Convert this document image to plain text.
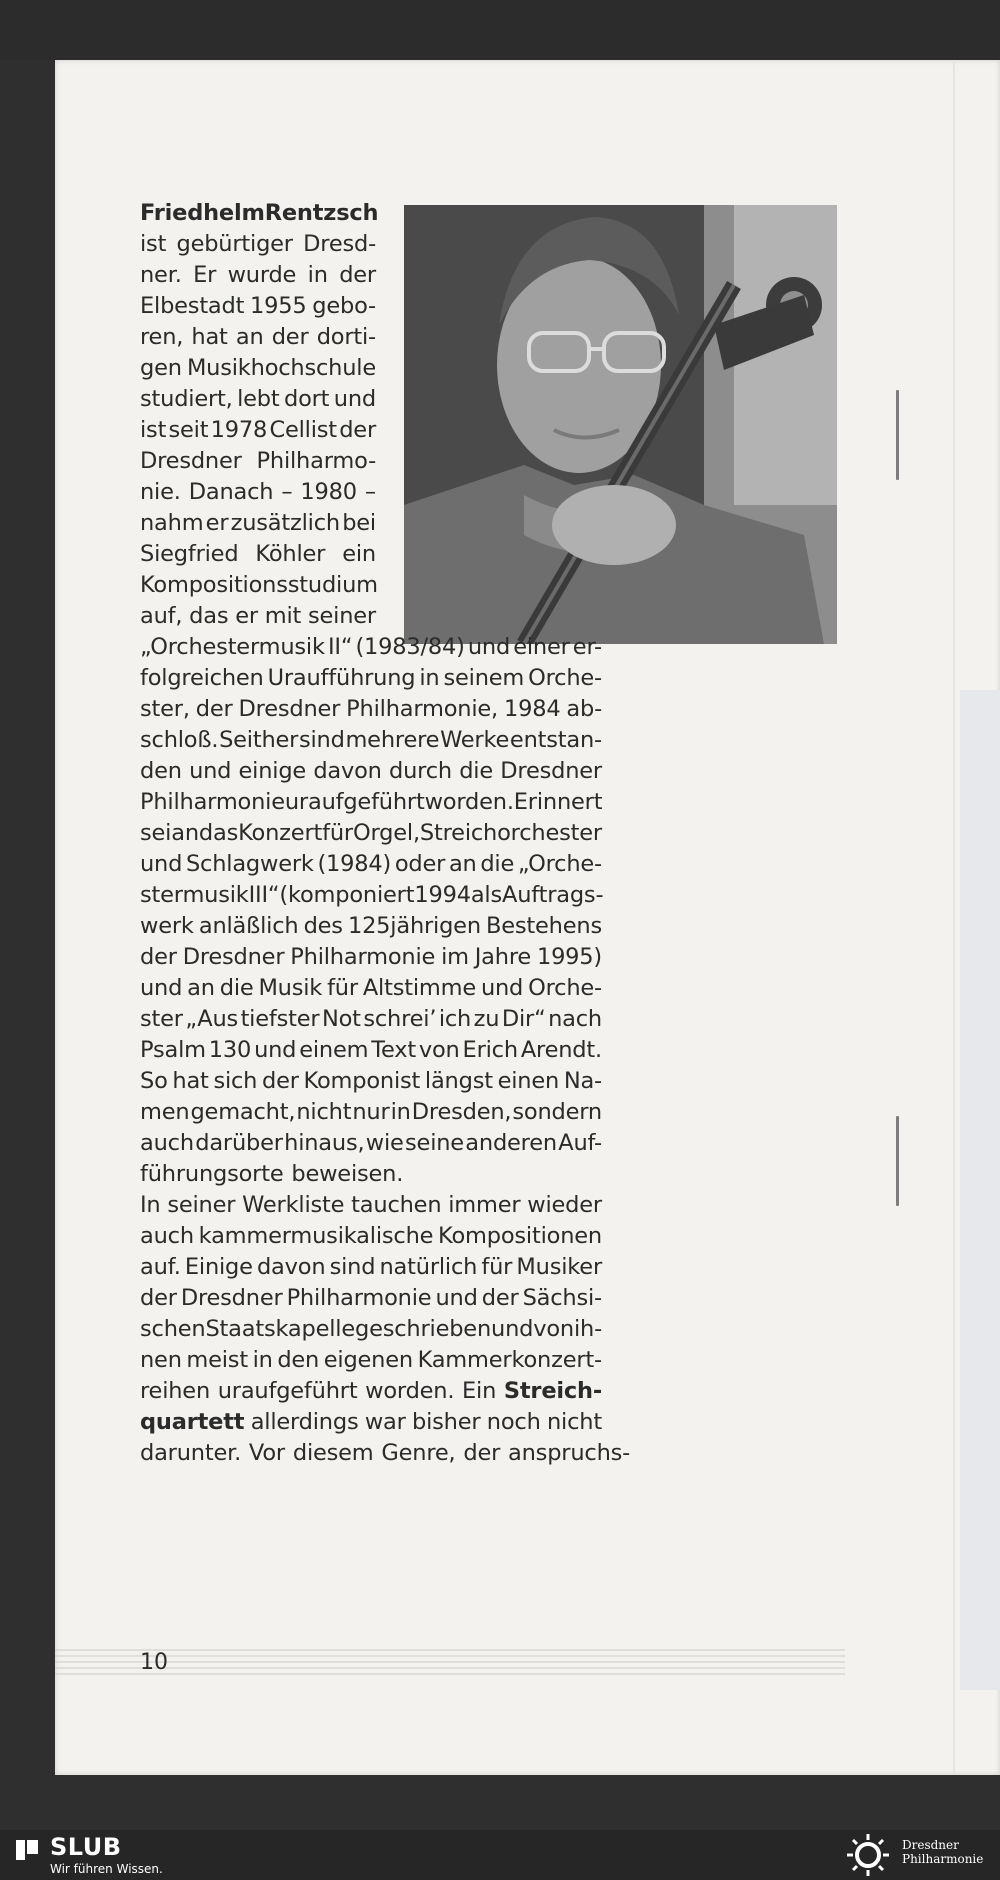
Friedhelm Rentzsch
ist gebürtiger Dresd-
ner. Er wurde in der
Elbestadt 1955 gebo-
ren, hat an der dorti-
gen Musikhochschule
studiert, lebt dort und
ist seit 1978 Cellist der
Dresdner Philharmo-
nie. Danach – 1980 –
nahm er zusätzlich bei
Siegfried Köhler ein
Kompositionsstudium
auf, das er mit seiner
„Orchestermusik II“ (1983/84) und einer er-
folgreichen Uraufführung in seinem Orche-
ster, der Dresdner Philharmonie, 1984 ab-
schloß. Seither sind mehrere Werke entstan-
den und einige davon durch die Dresdner
Philharmonie uraufgeführt worden. Erinnert
sei an das Konzert für Orgel, Streichorchester
und Schlagwerk (1984) oder an die „Orche-
stermusik III“ (komponiert 1994 als Auftrags-
werk anläßlich des 125jährigen Bestehens
der Dresdner Philharmonie im Jahre 1995)
und an die Musik für Altstimme und Orche-
ster „Aus tiefster Not schrei’ ich zu Dir“ nach
Psalm 130 und einem Text von Erich Arendt.
So hat sich der Komponist längst einen Na-
men gemacht, nicht nur in Dresden, sondern
auch darüber hinaus, wie seine anderen Auf-
führungsorte beweisen.
In seiner Werkliste tauchen immer wieder
auch kammermusikalische Kompositionen
auf. Einige davon sind natürlich für Musiker
der Dresdner Philharmonie und der Sächsi-
schen Staatskapelle geschrieben und von ih-
nen meist in den eigenen Kammerkonzert-
reihen uraufgeführt worden. Ein Streich-
quartett allerdings war bisher noch nicht
darunter. Vor diesem Genre, der anspruchs-
10
SLUB
Wir führen Wissen.
Dresdner
Philharmonie
